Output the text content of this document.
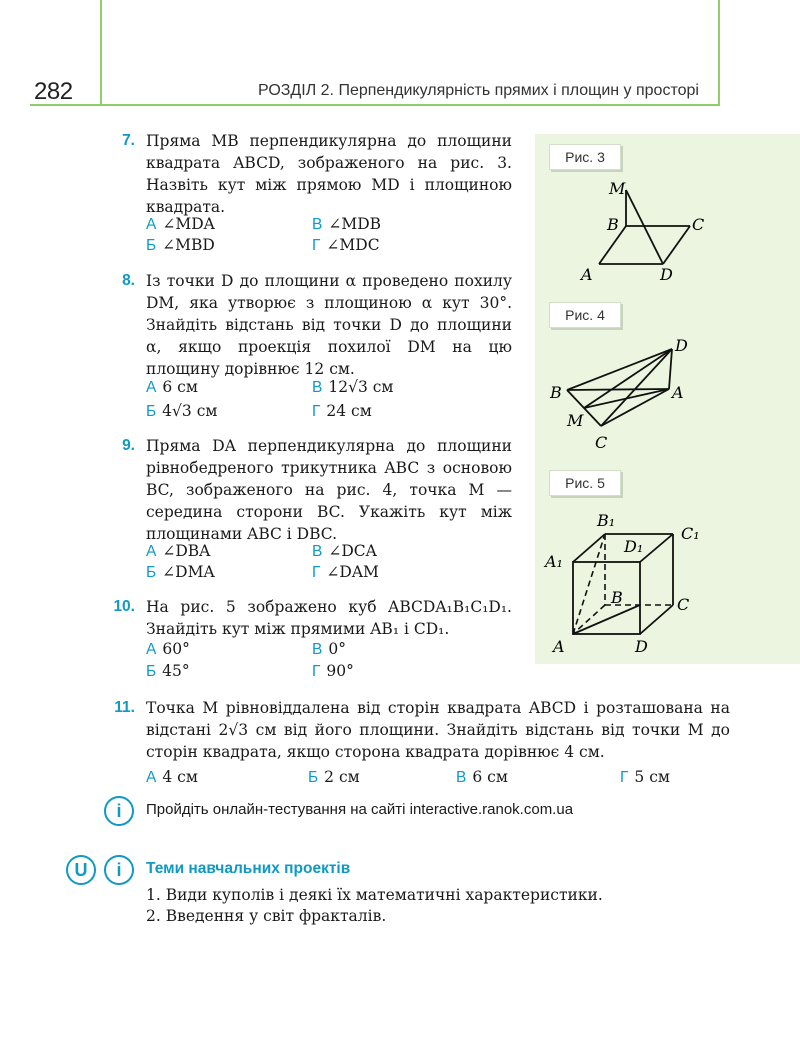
282	РОЗДІЛ 2. Перпендикулярність прямих і площин у просторі
7. Пряма MB перпендикулярна до площини квадрата ABCD, зображеного на рис. 3. Назвіть кут між прямою MD і площиною квадрата.
А ∠MDA	В ∠MDB
Б ∠MBD	Г ∠MDC
8. Із точки D до площини α проведено похилу DM, яка утворює з площиною α кут 30°. Знайдіть відстань від точки D до площини α, якщо проекція похилої DM на цю площину дорівнює 12 см.
А 6 см	В 12√3 см
Б 4√3 см	Г 24 см
9. Пряма DA перпендикулярна до площини рівнобедреного трикутника ABC з основою BC, зображеного на рис. 4, точка M — середина сторони BC. Укажіть кут між площинами ABC і DBC.
А ∠DBA	В ∠DCA
Б ∠DMA	Г ∠DAM
10. На рис. 5 зображено куб ABCDA₁B₁C₁D₁. Знайдіть кут між прямими AB₁ і CD₁.
А 60°	В 0°
Б 45°	Г 90°
11. Точка M рівновіддалена від сторін квадрата ABCD і розташована на відстані 2√3 см від його площини. Знайдіть відстань від точки M до сторін квадрата, якщо сторона квадрата дорівнює 4 см.
А 4 см	Б 2 см	В 6 см	Г 5 см
Рис. 3
A	D
B	C
M
Рис. 4
D
B	A
M
C
Рис. 5
B₁
C₁
D₁
A₁
B	C
A	D
i	Пройдіть онлайн-тестування на сайті interactive.ranok.com.ua
U	i	Теми навчальних проектів
1. Види куполів і деякі їх математичні характеристики.
2. Введення у світ фракталів.
